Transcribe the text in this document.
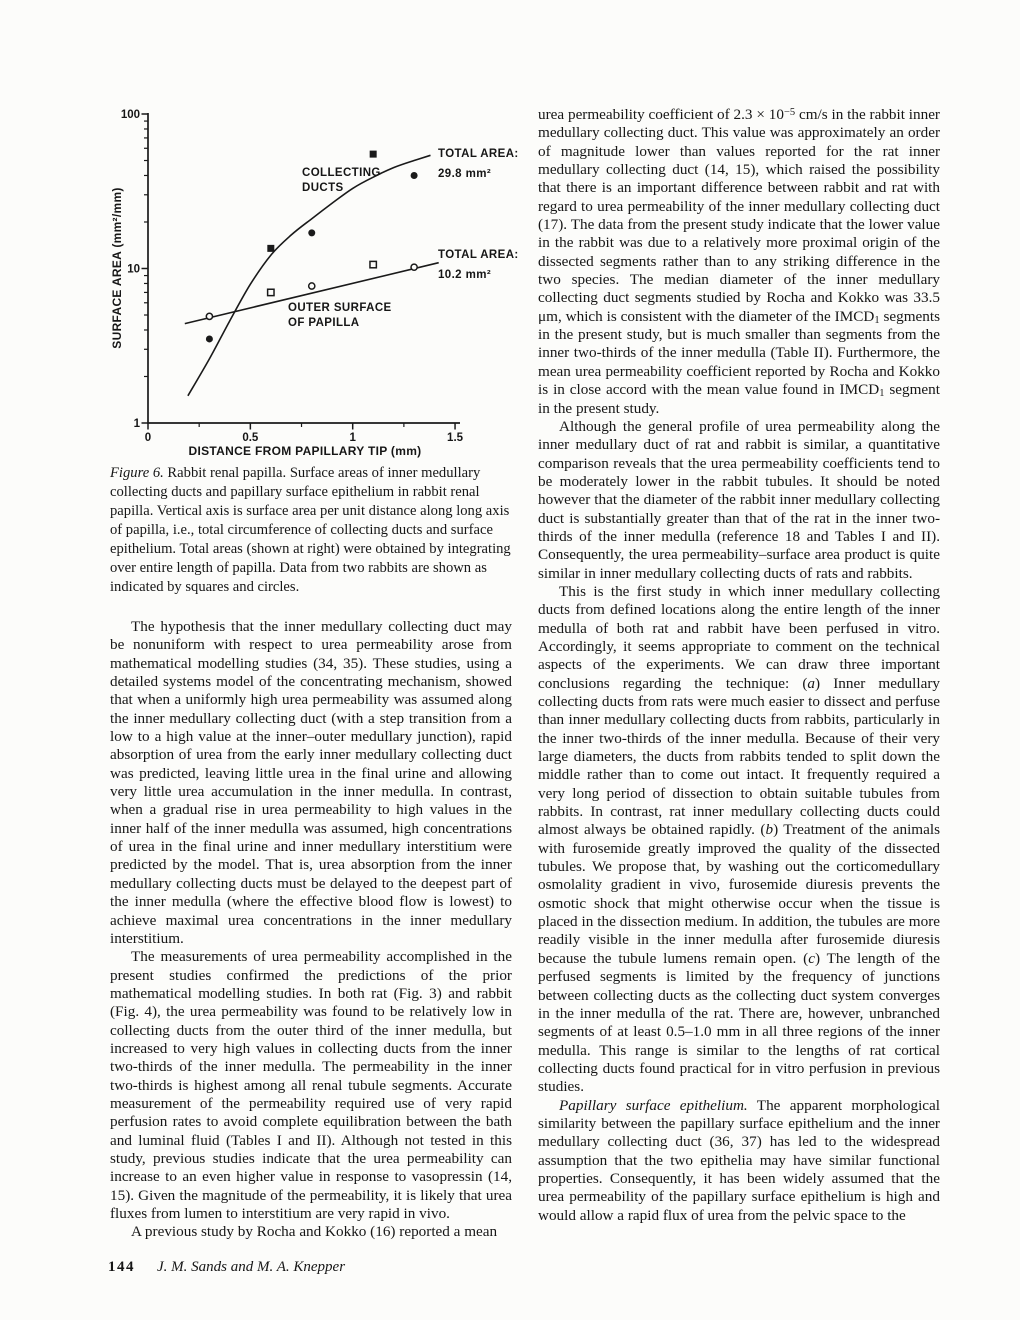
1
10
100
0	0.5	1	1.5
DISTANCE FROM PAPILLARY TIP (mm)
SURFACE AREA (mm²/mm)
COLLECTING
DUCTS
OUTER SURFACE
OF PAPILLA
TOTAL AREA:
29.8 mm²
TOTAL AREA:
10.2 mm²

Figure 6. Rabbit renal papilla. Surface areas of inner medullary collecting ducts and papillary surface epithelium in rabbit renal papilla. Vertical axis is surface area per unit distance along long axis of papilla, i.e., total circumference of collecting ducts and surface epithelium. Total areas (shown at right) were obtained by integrating over entire length of papilla. Data from two rabbits are shown as indicated by squares and circles.

The hypothesis that the inner medullary collecting duct may be nonuniform with respect to urea permeability arose from mathematical modelling studies (34, 35). These studies, using a detailed systems model of the concentrating mechanism, showed that when a uniformly high urea permeability was assumed along the inner medullary collecting duct (with a step transition from a low to a high value at the inner–outer medullary junction), rapid absorption of urea from the early inner medullary collecting duct was predicted, leaving little urea in the final urine and allowing very little urea accumulation in the inner medulla. In contrast, when a gradual rise in urea permeability to high values in the inner half of the inner medulla was assumed, high concentrations of urea in the final urine and inner medullary interstitium were predicted by the model. That is, urea absorption from the inner medullary collecting ducts must be delayed to the deepest part of the inner medulla (where the effective blood flow is lowest) to achieve maximal urea concentrations in the inner medullary interstitium.

The measurements of urea permeability accomplished in the present studies confirmed the predictions of the prior mathematical modelling studies. In both rat (Fig. 3) and rabbit (Fig. 4), the urea permeability was found to be relatively low in collecting ducts from the outer third of the inner medulla, but increased to very high values in collecting ducts from the inner two-thirds of the inner medulla. The permeability in the inner two-thirds is highest among all renal tubule segments. Accurate measurement of the permeability required use of very rapid perfusion rates to avoid complete equilibration between the bath and luminal fluid (Tables I and II). Although not tested in this study, previous studies indicate that the urea permeability can increase to an even higher value in response to vasopressin (14, 15). Given the magnitude of the permeability, it is likely that urea fluxes from lumen to interstitium are very rapid in vivo.

A previous study by Rocha and Kokko (16) reported a mean

urea permeability coefficient of $2.3 \times 10^{-5}$ cm/s in the rabbit inner medullary collecting duct. This value was approximately an order of magnitude lower than values reported for the rat inner medullary collecting duct (14, 15), which raised the possibility that there is an important difference between rabbit and rat with regard to urea permeability of the inner medullary collecting duct (17). The data from the present study indicate that the lower value in the rabbit was due to a relatively more proximal origin of the dissected segments rather than to any striking difference in the two species. The median diameter of the inner medullary collecting duct segments studied by Rocha and Kokko was 33.5 μm, which is consistent with the diameter of the $IMCD_1$ segments in the present study, but is much smaller than segments from the inner two-thirds of the inner medulla (Table II). Furthermore, the mean urea permeability coefficient reported by Rocha and Kokko is in close accord with the mean value found in $IMCD_1$ segment in the present study.

Although the general profile of urea permeability along the inner medullary duct of rat and rabbit is similar, a quantitative comparison reveals that the urea permeability coefficients tend to be moderately lower in the rabbit tubules. It should be noted however that the diameter of the rabbit inner medullary collecting duct is substantially greater than that of the rat in the inner two-thirds of the inner medulla (reference 18 and Tables I and II). Consequently, the urea permeability–surface area product is quite similar in inner medullary collecting ducts of rats and rabbits.

This is the first study in which inner medullary collecting ducts from defined locations along the entire length of the inner medulla of both rat and rabbit have been perfused in vitro. Accordingly, it seems appropriate to comment on the technical aspects of the experiments. We can draw three important conclusions regarding the technique: (a) Inner medullary collecting ducts from rats were much easier to dissect and perfuse than inner medullary collecting ducts from rabbits, particularly in the inner two-thirds of the inner medulla. Because of their very large diameters, the ducts from rabbits tended to split down the middle rather than to come out intact. It frequently required a very long period of dissection to obtain suitable tubules from rabbits. In contrast, rat inner medullary collecting ducts could almost always be obtained rapidly. (b) Treatment of the animals with furosemide greatly improved the quality of the dissected tubules. We propose that, by washing out the corticomedullary osmolality gradient in vivo, furosemide diuresis prevents the osmotic shock that might otherwise occur when the tissue is placed in the dissection medium. In addition, the tubules are more readily visible in the inner medulla after furosemide diuresis because the tubule lumens remain open. (c) The length of the perfused segments is limited by the frequency of junctions between collecting ducts as the collecting duct system converges in the inner medulla of the rat. There are, however, unbranched segments of at least 0.5–1.0 mm in all three regions of the inner medulla. This range is similar to the lengths of rat cortical collecting ducts found practical for in vitro perfusion in previous studies.

Papillary surface epithelium. The apparent morphological similarity between the papillary surface epithelium and the inner medullary collecting duct (36, 37) has led to the widespread assumption that the two epithelia may have similar functional properties. Consequently, it has been widely assumed that the urea permeability of the papillary surface epithelium is high and would allow a rapid flux of urea from the pelvic space to the

144 J. M. Sands and M. A. Knepper
